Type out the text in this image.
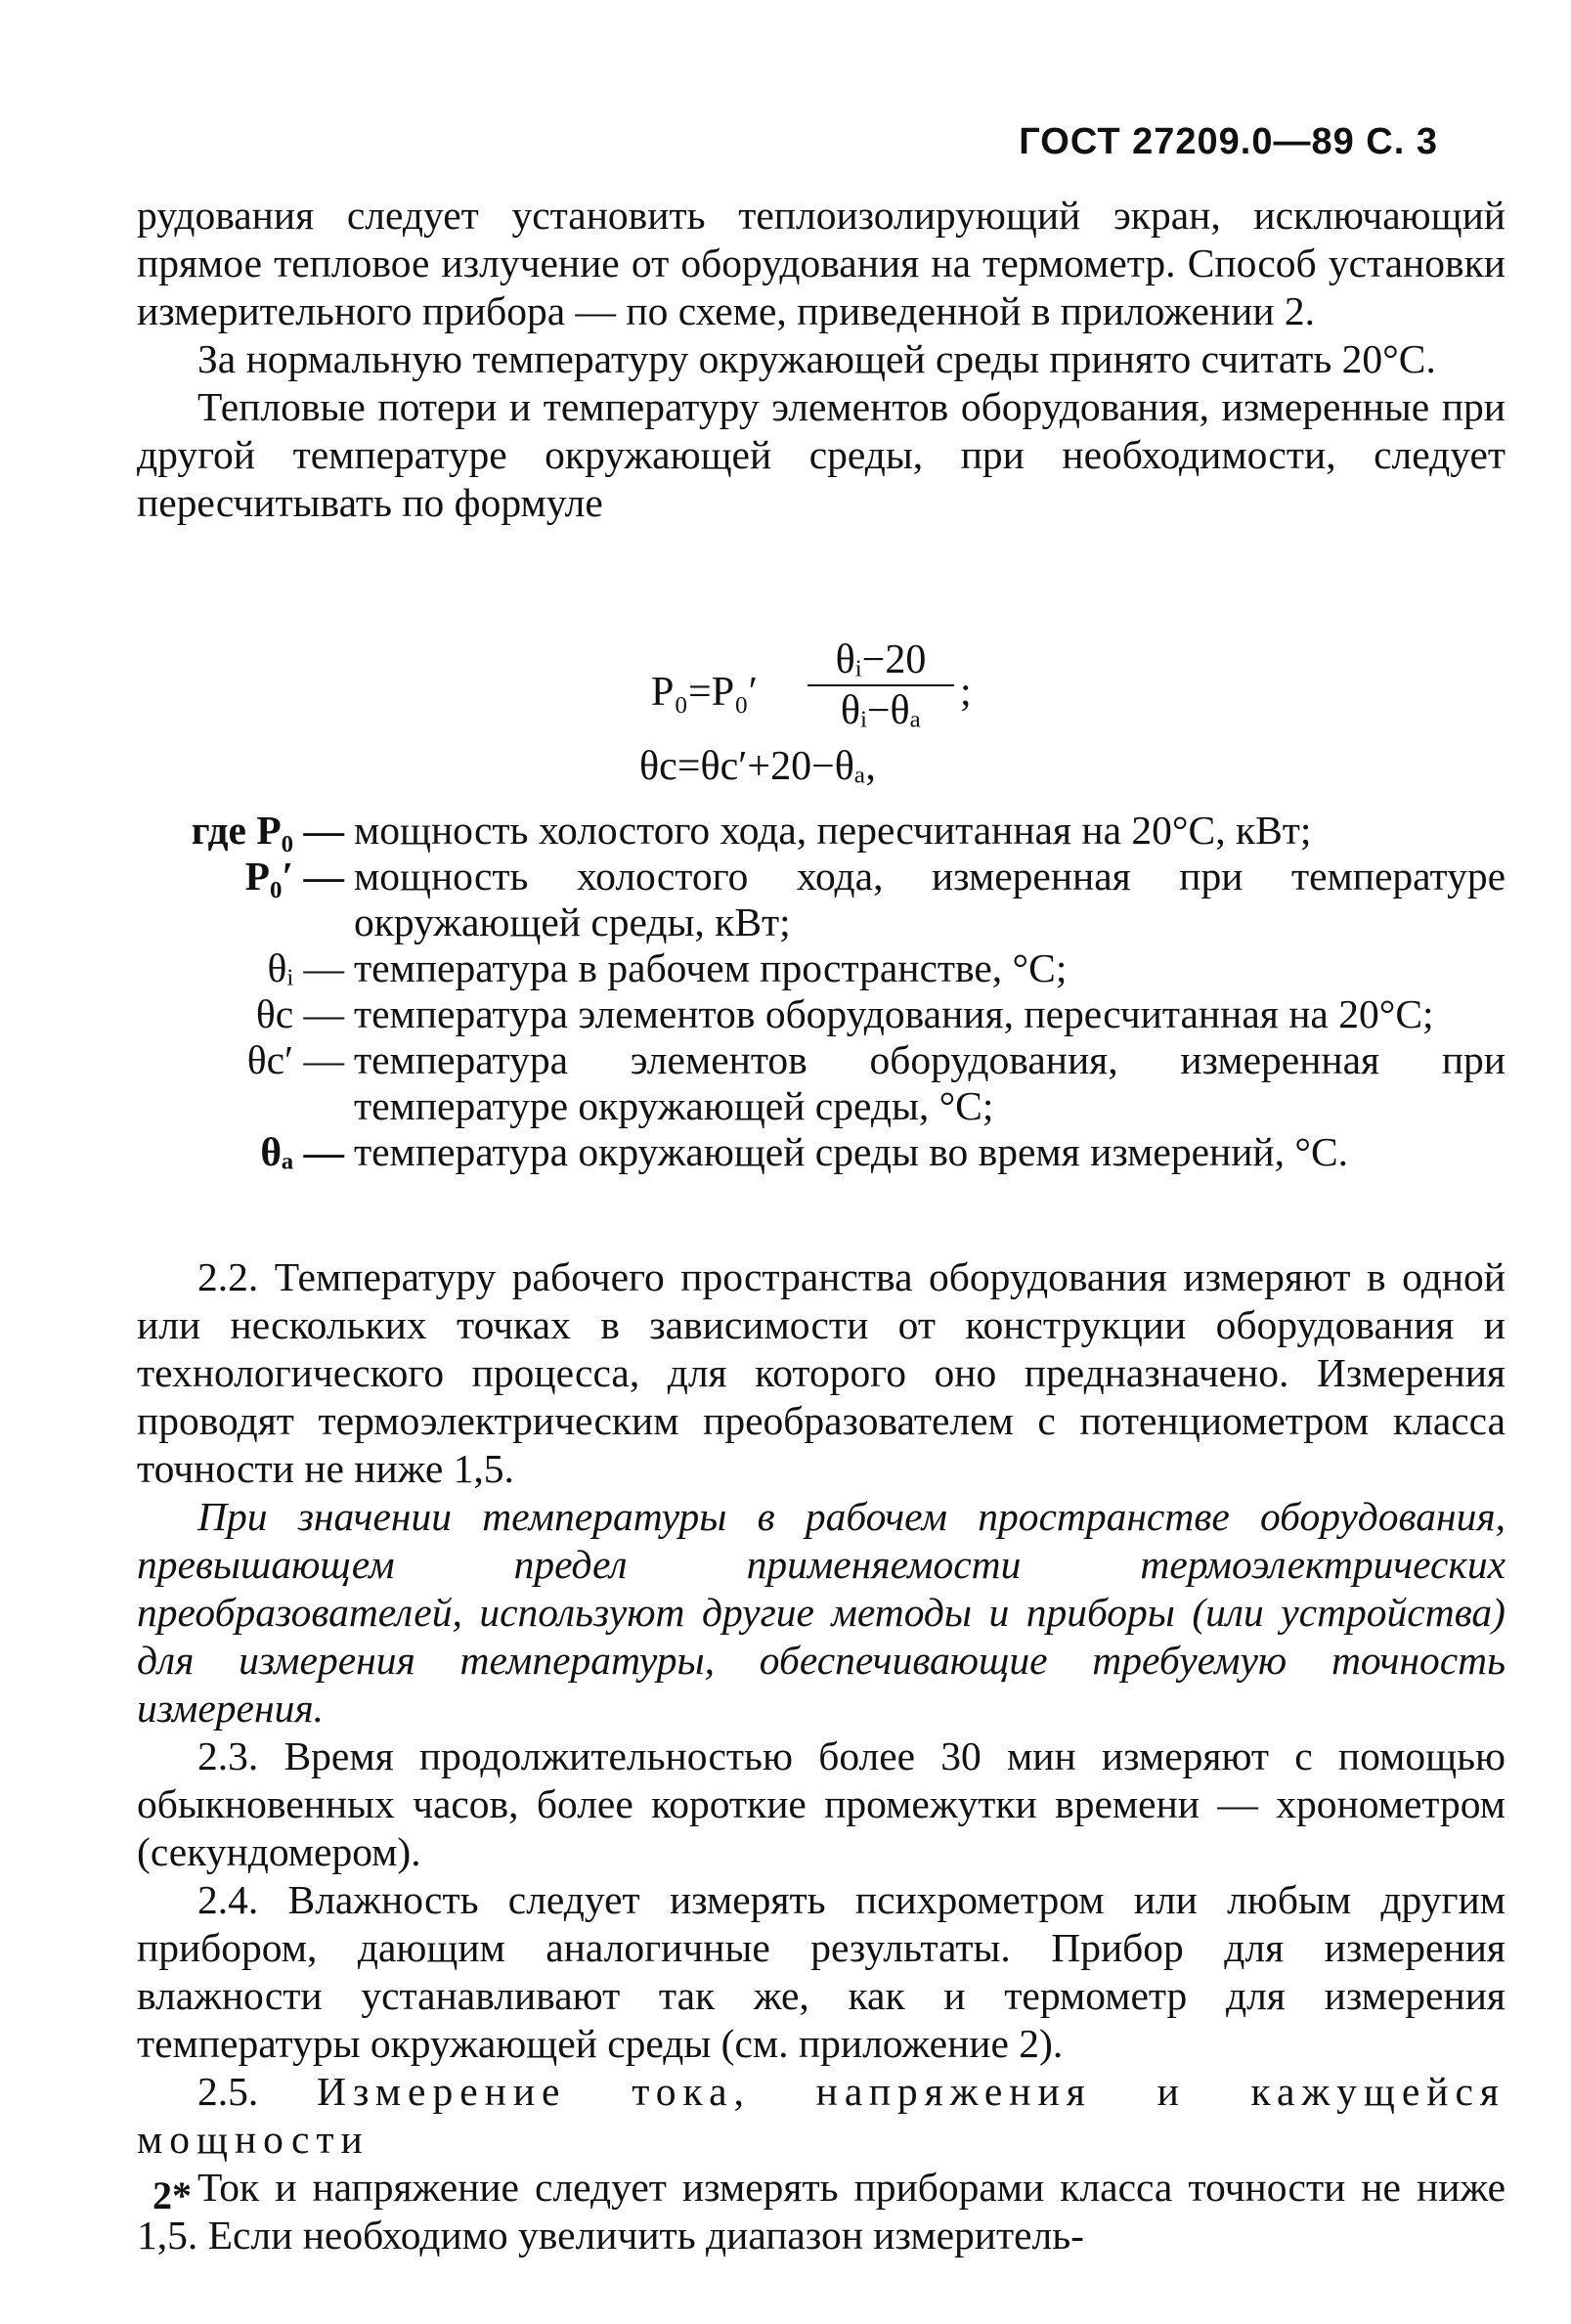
ГОСТ 27209.0—89 С. 3

рудования следует установить теплоизолирующий экран, исключающий прямое тепловое излучение от оборудования на термометр. Способ установки измерительного прибора — по схеме, приведенной в приложении 2.

За нормальную температуру окружающей среды принято считать 20°С.

Тепловые потери и температуру элементов оборудования, измеренные при другой температуре окружающей среды, при необходимости, следует пересчитывать по формуле

P₀=P₀′
θᵢ−20
θᵢ−θₐ ;
θc=θc′+20−θₐ,
где P₀ — мощность холостого хода, пересчитанная на 20°С, кВт;
P₀′ — мощность холостого хода, измеренная при температуре окружающей среды, кВт;
θᵢ — температура в рабочем пространстве, °С;
θc — температура элементов оборудования, пересчитанная на 20°С;
θc′ — температура элементов оборудования, измеренная при температуре окружающей среды, °С;
θₐ — температура окружающей среды во время измерений, °С.

2.2. Температуру рабочего пространства оборудования измеряют в одной или нескольких точках в зависимости от конструкции оборудования и технологического процесса, для которого оно предназначено. Измерения проводят термоэлектрическим преобразователем с потенциометром класса точности не ниже 1,5.

При значении температуры в рабочем пространстве оборудования, превышающем предел применяемости термоэлектрических преобразователей, используют другие методы и приборы (или устройства) для измерения температуры, обеспечивающие требуемую точность измерения.

2.3. Время продолжительностью более 30 мин измеряют с помощью обыкновенных часов, более короткие промежутки времени — хронометром (секундомером).

2.4. Влажность следует измерять психрометром или любым другим прибором, дающим аналогичные результаты. Прибор для измерения влажности устанавливают так же, как и термометр для измерения температуры окружающей среды (см. приложение 2).

2.5. Измерение тока, напряжения и кажущейся мощности

Ток и напряжение следует измерять приборами класса точности не ниже 1,5. Если необходимо увеличить диапазон измеритель-

2*
